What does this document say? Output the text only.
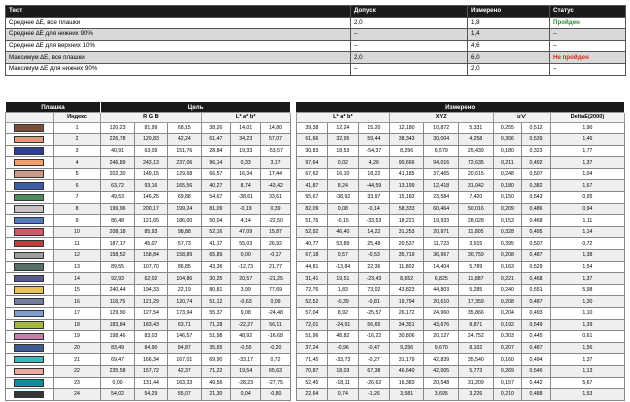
Тест	Допуск	Измерено	Статус
Среднее ∆E, все плашки	2,0	1,8	Пройден
Среднее ∆E для нижних 90%	–	1,4	–
Среднее ∆E для верхних 10%	–	4,6	–
Максимум ∆E, все плашки	2,0	6,0	Не пройден
Максимум ∆E для нижних 90%	–	2,0	–
Плашка		Цель							Измерено								
	Индекс	R G B			L* a* b*				L* a* b*			XYZ			u'v'		DeltaE(2000)

	1	120,23	81,99	68,15	38,26	14,01	14,80		39,38	12,24	15,20	12,180	10,872	5,331	0,255	0,512	1,90

	2	226,78	120,83	42,24	61,47	34,23	57,07		61,66	32,95	59,44	38,343	30,004	4,258	0,306	0,539	1,46

	3	40,91	63,09	151,76	28,84	19,33	-53,57		30,83	18,53	-54,37	8,256	6,579	25,439	0,180	0,323	1,77

	4	246,89	243,13	237,06	96,14	0,33	3,17		97,64	0,02	4,26	90,666	94,016	72,635	0,211	0,492	1,37

	5	202,30	149,15	129,68	66,57	16,34	17,44		67,62	16,10	18,22	41,185	37,465	20,615	0,248	0,507	1,04

	6	63,72	93,16	165,56	40,27	8,74	-43,42		41,87	8,24	-44,59	13,199	12,418	31,042	0,180	0,382	1,67

	7	49,53	146,25	69,88	54,67	-38,61	33,61		55,67	-38,92	33,97	15,183	23,584	7,420	0,150	0,543	0,95

	8	199,96	200,17	199,24	81,09	-0,19	0,39		82,09	0,08	-0,14	58,333	60,464	50,016	0,209	0,486	0,94

	9	86,48	121,65	186,00	50,04	4,14	-22,50		51,76	-0,15	-33,53	18,221	19,933	28,028	0,153	0,468	1,11

	10	208,18	85,93	98,88	52,16	47,09	15,87		52,92	46,40	14,22	31,253	20,971	11,805	0,328	0,495	1,14

	11	187,17	45,07	57,73	41,17	55,03	26,92		40,77	53,89	25,48	20,537	11,723	3,915	0,395	0,507	0,72

	12	158,52	158,84	158,89	65,89	0,00	-0,17		67,18	0,57	-0,53	35,719	36,967	30,759	0,208	0,487	1,38

	13	89,55	107,70	86,85	43,36	-12,73	21,77		44,81	-13,84	22,36	11,802	14,404	5,789	0,163	0,529	1,54

	14	92,93	62,02	104,86	30,25	20,57	-21,25		31,41	19,51	-23,43	8,652	6,825	11,887	0,221	0,468	1,37

	15	240,44	194,33	22,19	80,81	3,99	77,69		72,76	1,83	73,02	43,823	44,803	5,285	0,240	0,551	5,98

	16	118,75	121,29	120,74	51,12	-0,63	0,09		52,52	-0,39	-0,81	19,794	20,610	17,359	0,208	0,487	1,30

	17	129,90	127,54	173,94	55,37	9,08	-24,48		57,04	8,92	-25,57	26,172	24,960	35,866	0,204	0,493	1,10

	18	183,84	183,43	63,71	71,28	-22,27	56,11		72,01	-24,91	56,65	34,351	43,676	8,871	0,192	0,549	1,39

	19	198,46	83,03	146,57	51,98	48,92	-16,68		51,96	48,82	-16,22	30,806	20,127	24,752	0,303	0,445	0,61

	20	83,49	84,90	84,87	35,65	-0,55	-0,20		37,24	-0,96	-0,47	9,256	9,670	8,102	0,207	0,487	1,56

	21	69,47	166,34	167,01	69,90	-33,17	0,72		71,45	-33,73	-0,27	31,179	42,839	35,540	0,160	0,494	1,37

	22	235,58	157,72	42,37	71,22	19,54	65,63		70,87	18,03	67,38	46,640	42,005	5,773	0,269	0,546	1,13

	23	0,00	131,44	163,33	49,56	-28,23	-27,75		52,45	-18,11	-26,62	16,383	20,548	31,209	0,157	0,442	5,67

	24	54,02	54,29	55,07	21,30	0,04	-0,80		22,64	0,74	-1,26	3,581	3,695	3,226	0,210	0,488	1,53
